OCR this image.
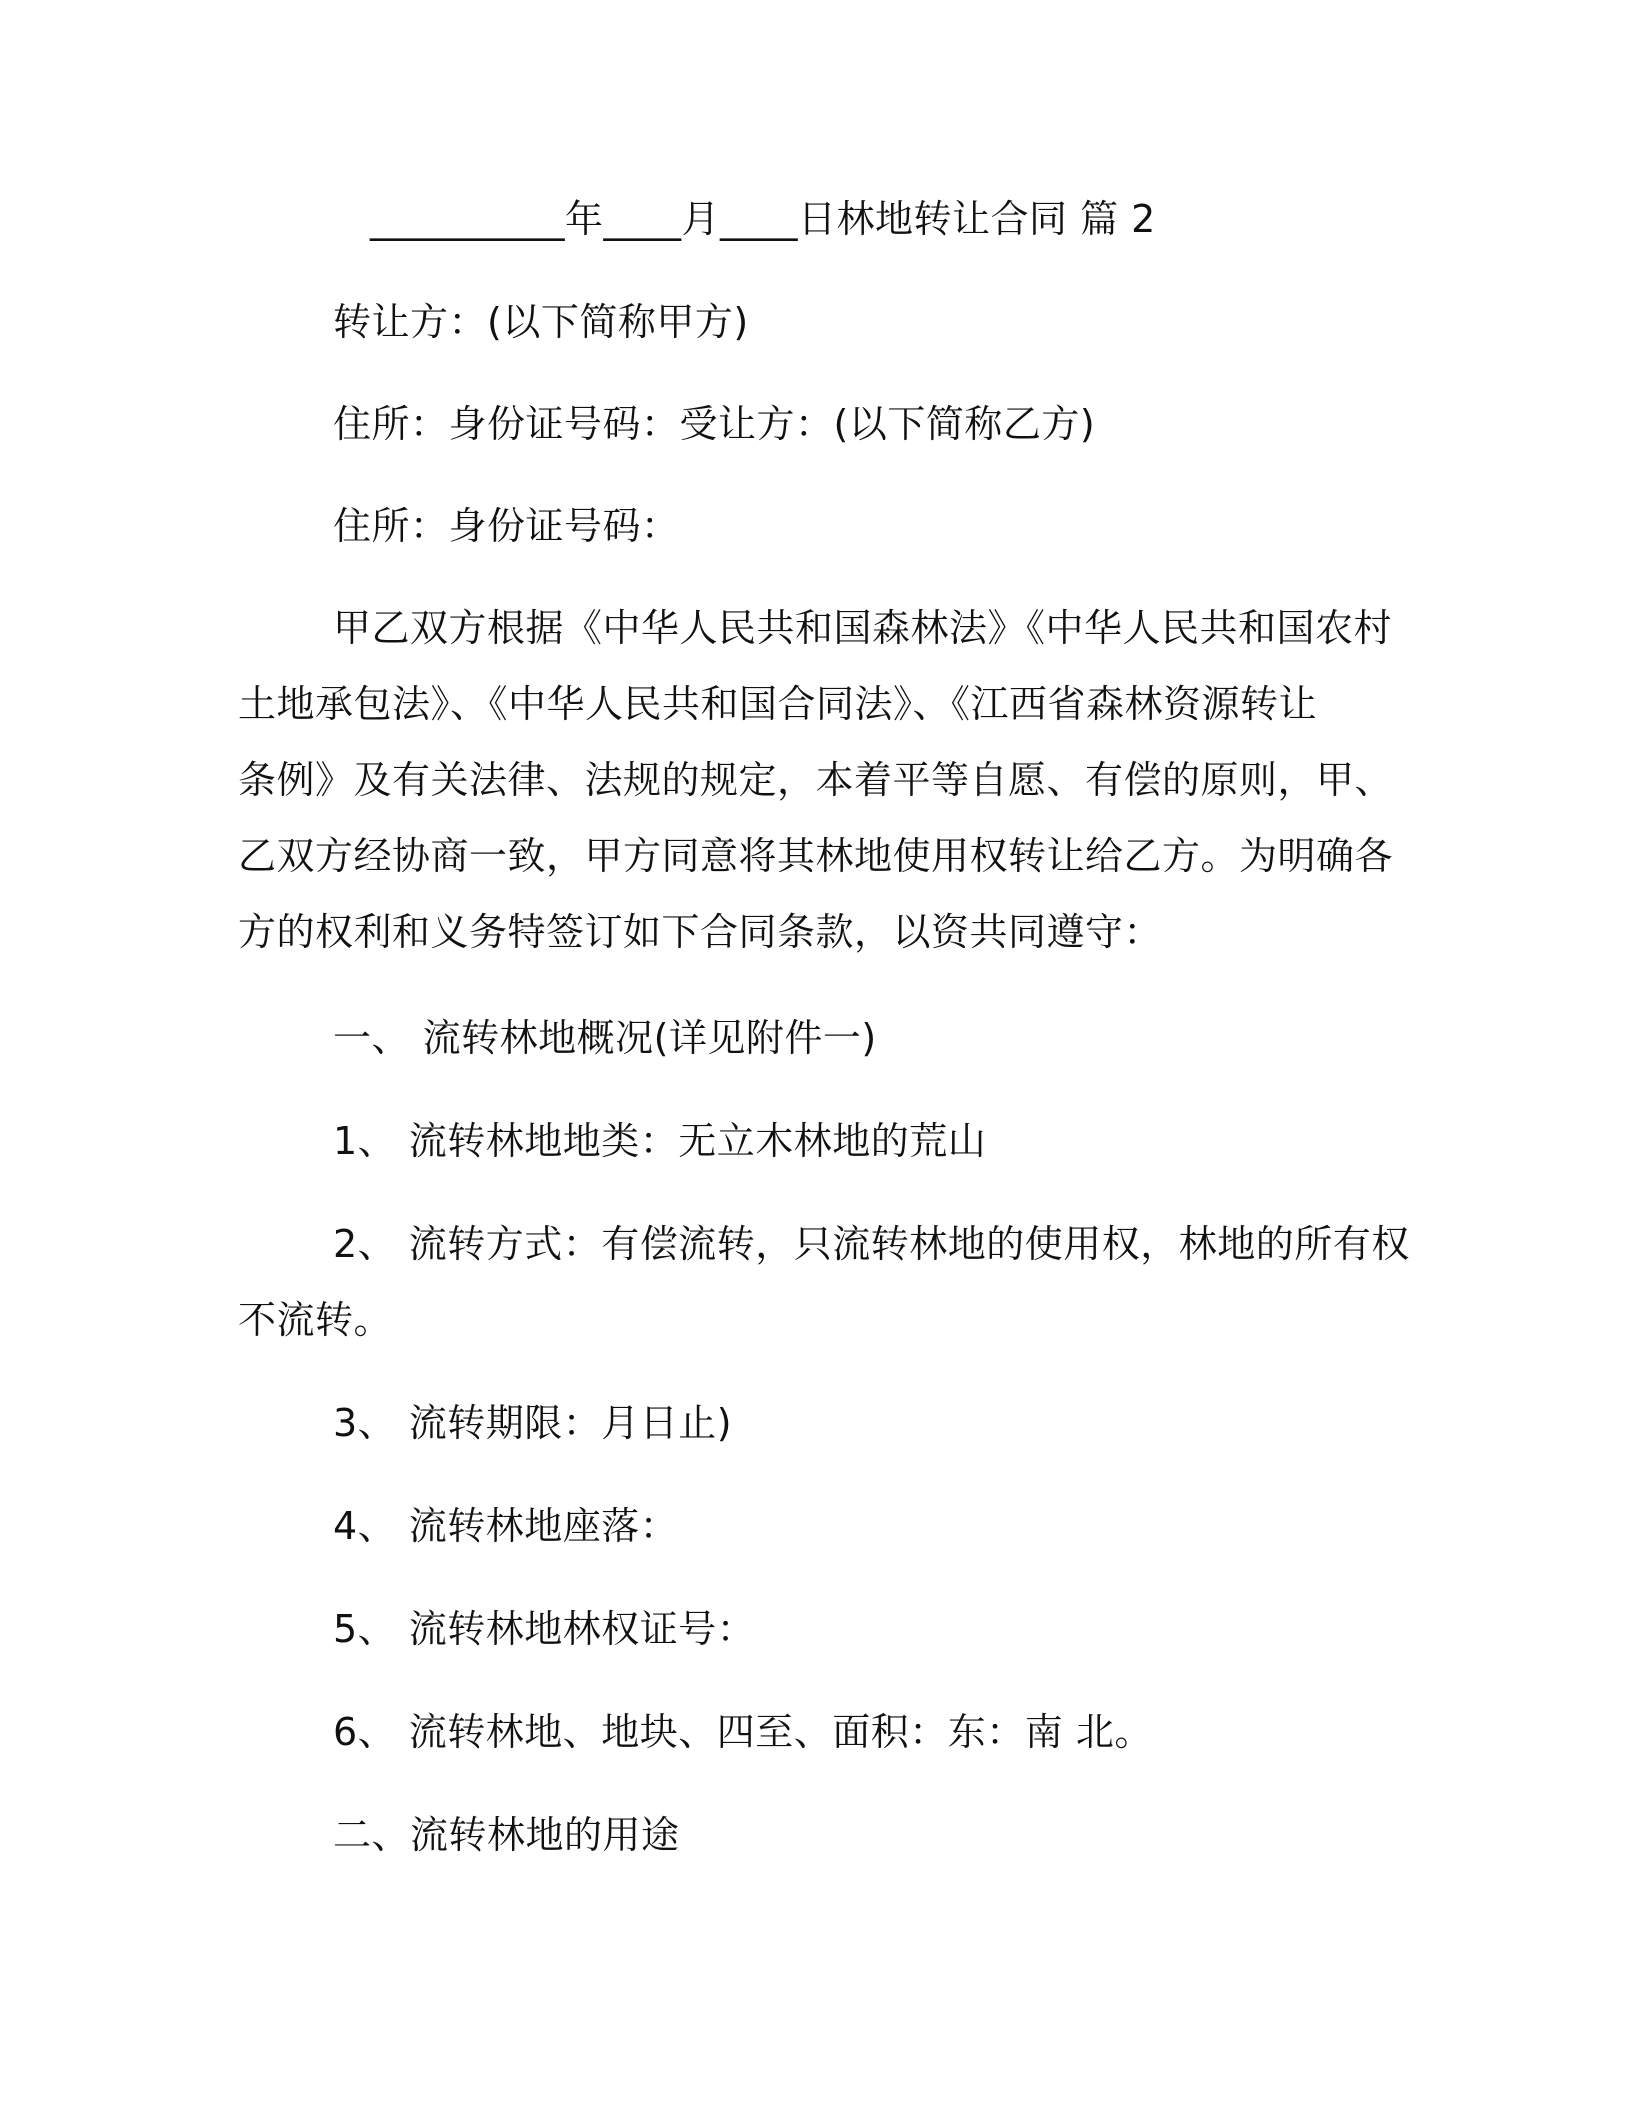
__________年____月____日林地转让合同 篇 2
转让方：(以下简称甲方)
住所：身份证号码：受让方：(以下简称乙方)
住所：身份证号码：
甲乙双方根据《中华人民共和国森林法》《中华人民共和国农村
土地承包法》、《中华人民共和国合同法》、《江西省森林资源转让
条例》及有关法律、法规的规定，本着平等自愿、有偿的原则，甲、
乙双方经协商一致，甲方同意将其林地使用权转让给乙方。为明确各
方的权利和义务特签订如下合同条款，以资共同遵守：
一、 流转林地概况(详见附件一)
1、 流转林地地类：无立木林地的荒山
2、 流转方式：有偿流转，只流转林地的使用权，林地的所有权
不流转。
3、 流转期限：月日止)
4、 流转林地座落：
5、 流转林地林权证号：
6、 流转林地、地块、四至、面积：东：南 北。
二、流转林地的用途
